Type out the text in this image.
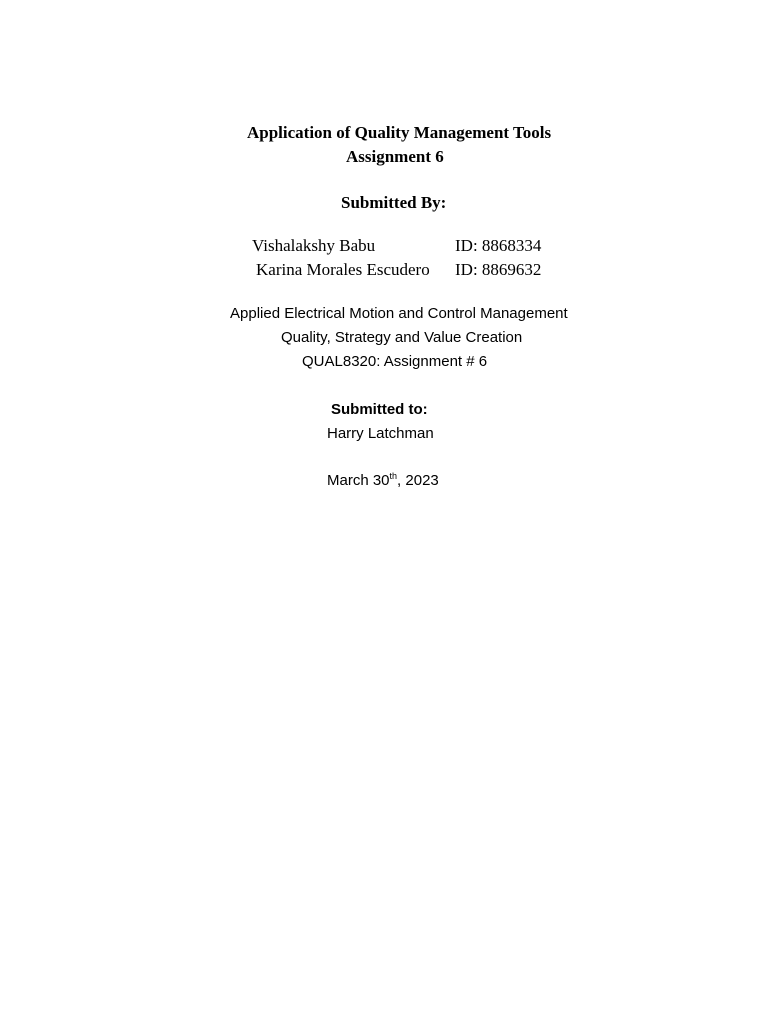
Application of Quality Management Tools
Assignment 6
Submitted By:
Vishalakshy Babu	ID: 8868334
Karina Morales Escudero ID: 8869632
Applied Electrical Motion and Control Management
Quality, Strategy and Value Creation
QUAL8320: Assignment # 6
Submitted to:
Harry Latchman
March 30th, 2023
